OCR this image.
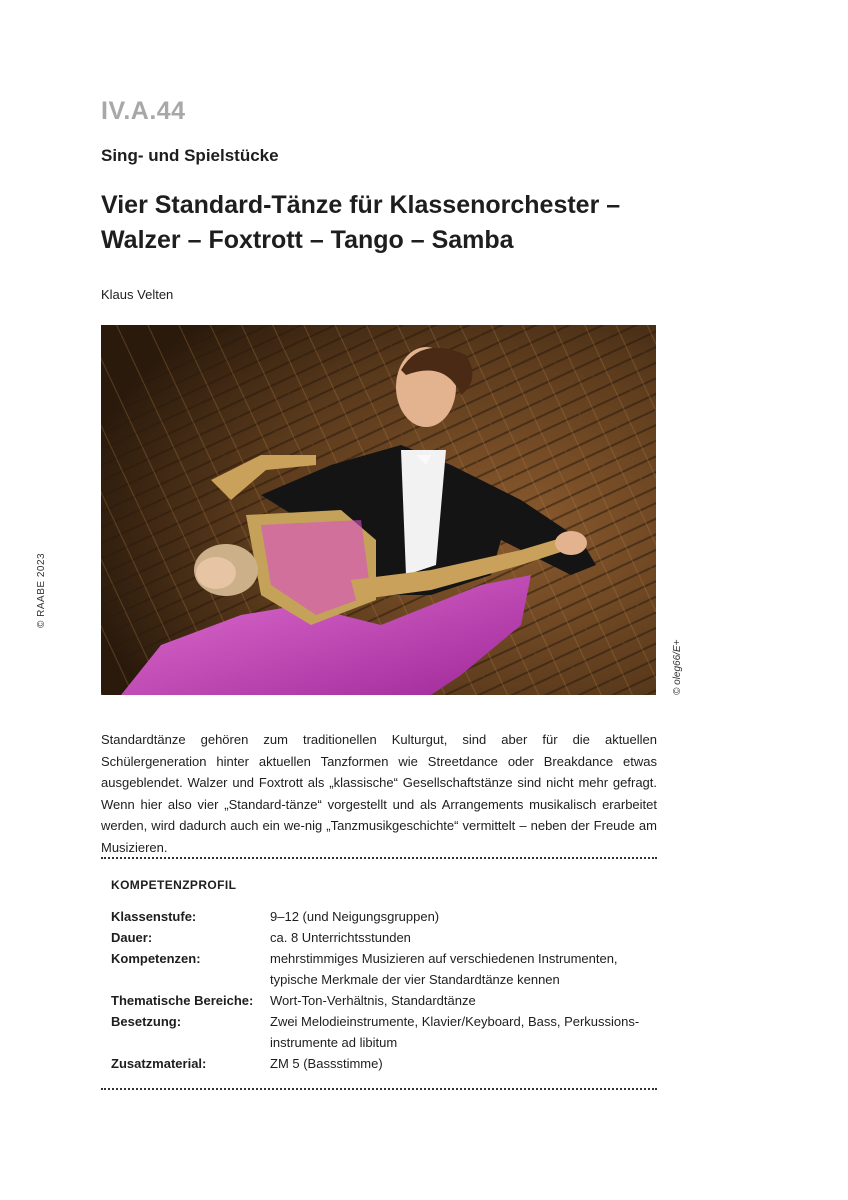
IV.A.44
Sing- und Spielstücke
Vier Standard-Tänze für Klassenorchester –
Walzer – Foxtrott – Tango – Samba
Klaus Velten
© oleg66/E+
© RAABE 2023
Standardtänze gehören zum traditionellen Kulturgut, sind aber für die aktuellen Schülergeneration hinter aktuellen Tanzformen wie Streetdance oder Breakdance etwas ausgeblendet. Walzer und Foxtrott als „klassische“ Gesellschaftstänze sind nicht mehr gefragt. Wenn hier also vier „Standard-tänze“ vorgestellt und als Arrangements musikalisch erarbeitet werden, wird dadurch auch ein we-nig „Tanzmusikgeschichte“ vermittelt – neben der Freude am Musizieren.
KOMPETENZPROFIL
Klassenstufe:	9–12 (und Neigungsgruppen)
Dauer:	ca. 8 Unterrichtsstunden
Kompetenzen:	mehrstimmiges Musizieren auf verschiedenen Instrumenten,
typische Merkmale der vier Standardtänze kennen
Thematische Bereiche:	Wort-Ton-Verhältnis, Standardtänze
Besetzung:	Zwei Melodieinstrumente, Klavier/Keyboard, Bass, Perkussions-
instrumente ad libitum
Zusatzmaterial:	ZM 5 (Bassstimme)
